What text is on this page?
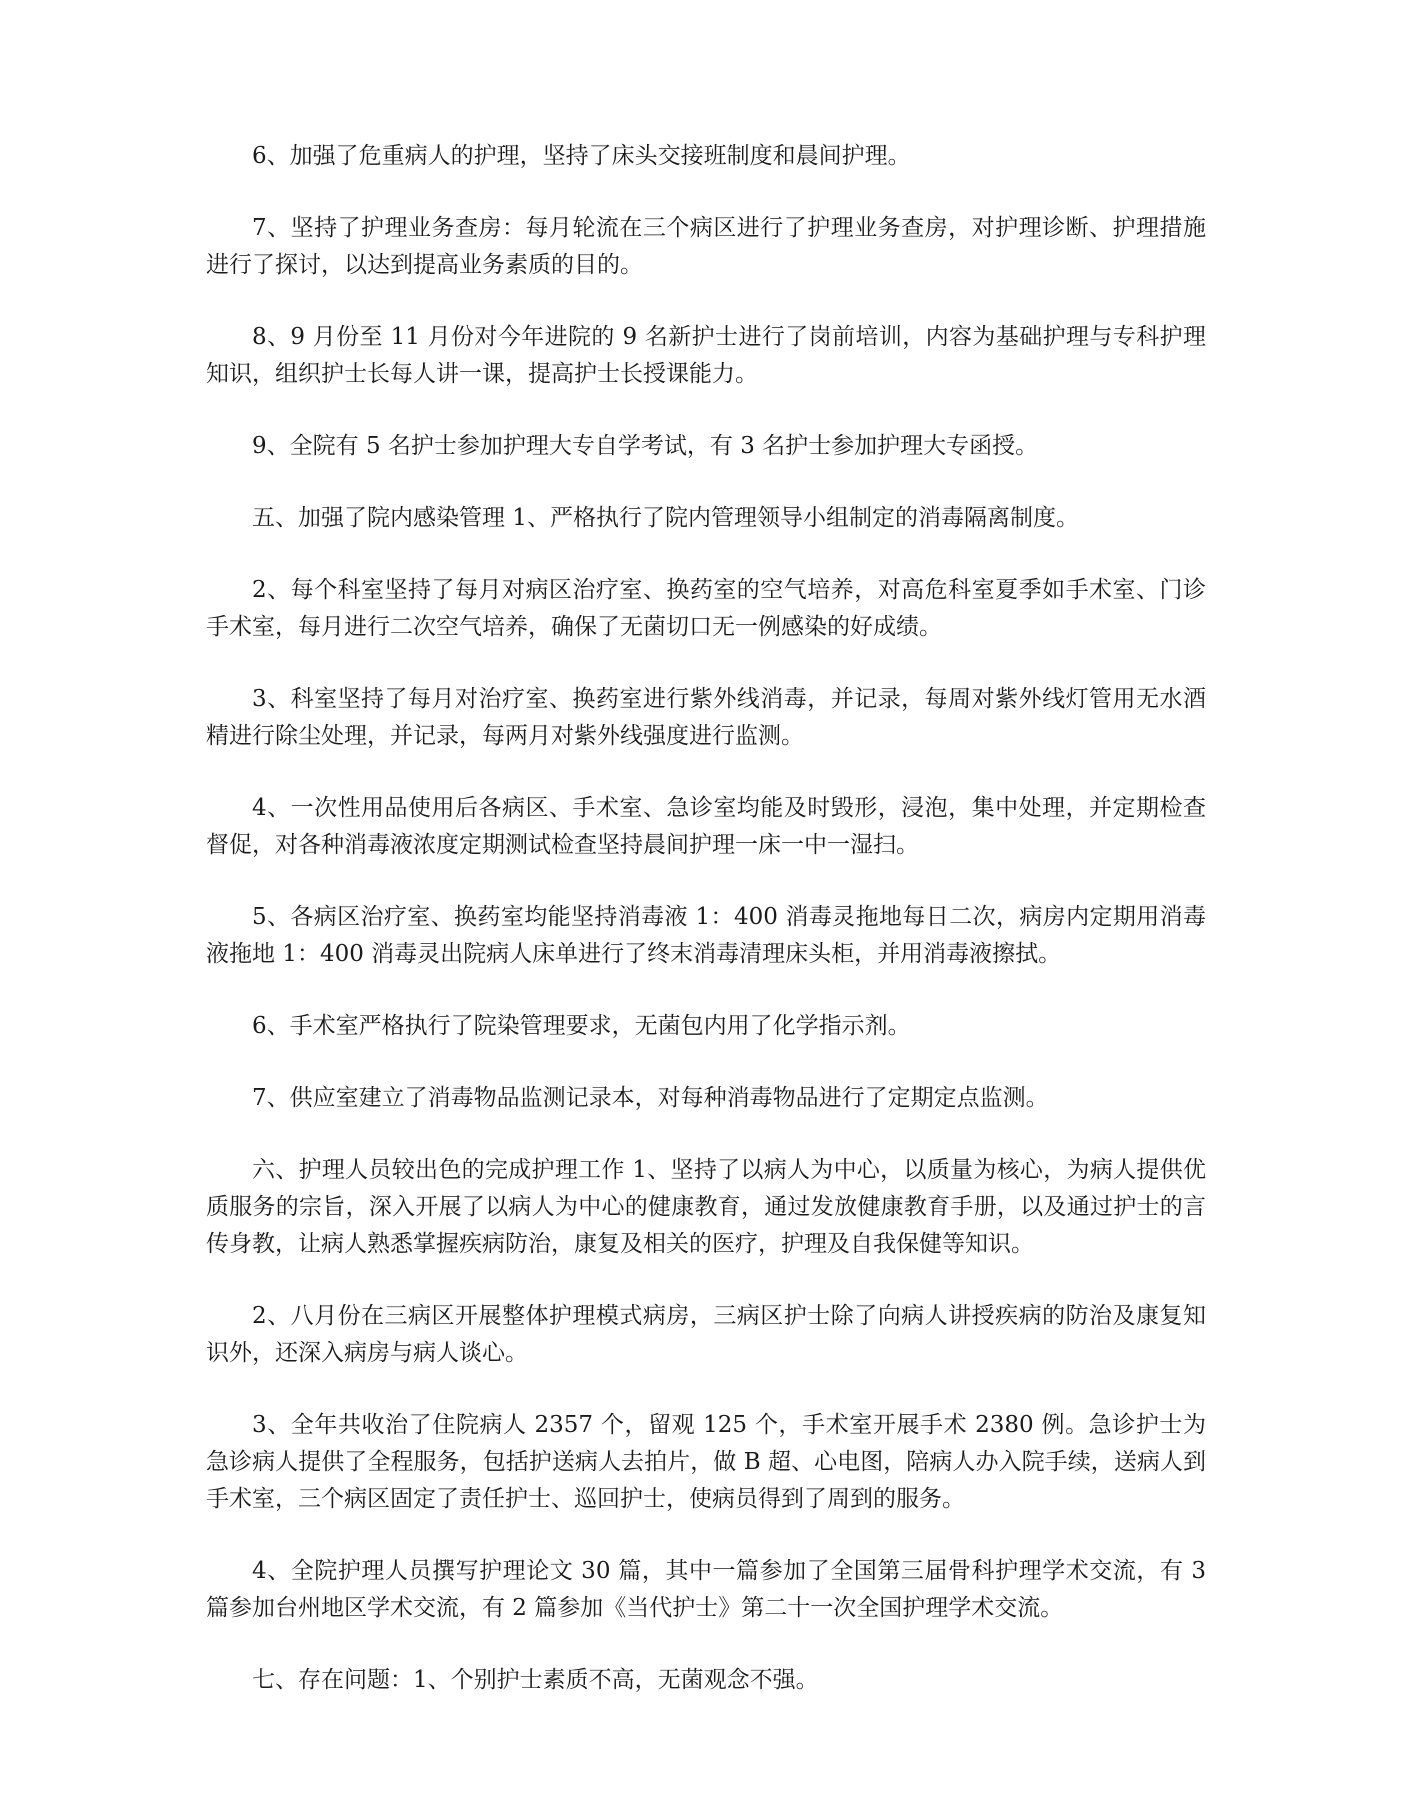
6、加强了危重病人的护理，坚持了床头交接班制度和晨间护理。

7、坚持了护理业务查房：每月轮流在三个病区进行了护理业务查房，对护理诊断、护理措施进行了探讨，以达到提高业务素质的目的。

8、9 月份至 11 月份对今年进院的 9 名新护士进行了岗前培训，内容为基础护理与专科护理知识，组织护士长每人讲一课，提高护士长授课能力。

9、全院有 5 名护士参加护理大专自学考试，有 3 名护士参加护理大专函授。

五、加强了院内感染管理 1、严格执行了院内管理领导小组制定的消毒隔离制度。

2、每个科室坚持了每月对病区治疗室、换药室的空气培养，对高危科室夏季如手术室、门诊手术室，每月进行二次空气培养，确保了无菌切口无一例感染的好成绩。

3、科室坚持了每月对治疗室、换药室进行紫外线消毒，并记录，每周对紫外线灯管用无水酒精进行除尘处理，并记录，每两月对紫外线强度进行监测。

4、一次性用品使用后各病区、手术室、急诊室均能及时毁形，浸泡，集中处理，并定期检查督促，对各种消毒液浓度定期测试检查坚持晨间护理一床一中一湿扫。

5、各病区治疗室、换药室均能坚持消毒液 1：400 消毒灵拖地每日二次，病房内定期用消毒液拖地 1：400 消毒灵出院病人床单进行了终末消毒清理床头柜，并用消毒液擦拭。

6、手术室严格执行了院染管理要求，无菌包内用了化学指示剂。

7、供应室建立了消毒物品监测记录本，对每种消毒物品进行了定期定点监测。

六、护理人员较出色的完成护理工作 1、坚持了以病人为中心，以质量为核心，为病人提供优质服务的宗旨，深入开展了以病人为中心的健康教育，通过发放健康教育手册，以及通过护士的言传身教，让病人熟悉掌握疾病防治，康复及相关的医疗，护理及自我保健等知识。

2、八月份在三病区开展整体护理模式病房，三病区护士除了向病人讲授疾病的防治及康复知识外，还深入病房与病人谈心。

3、全年共收治了住院病人 2357 个，留观 125 个，手术室开展手术 2380 例。急诊护士为急诊病人提供了全程服务，包括护送病人去拍片，做 B 超、心电图，陪病人办入院手续，送病人到手术室，三个病区固定了责任护士、巡回护士，使病员得到了周到的服务。

4、全院护理人员撰写护理论文 30 篇，其中一篇参加了全国第三届骨科护理学术交流，有 3 篇参加台州地区学术交流，有 2 篇参加《当代护士》第二十一次全国护理学术交流。

七、存在问题：1、个别护士素质不高，无菌观念不强。
